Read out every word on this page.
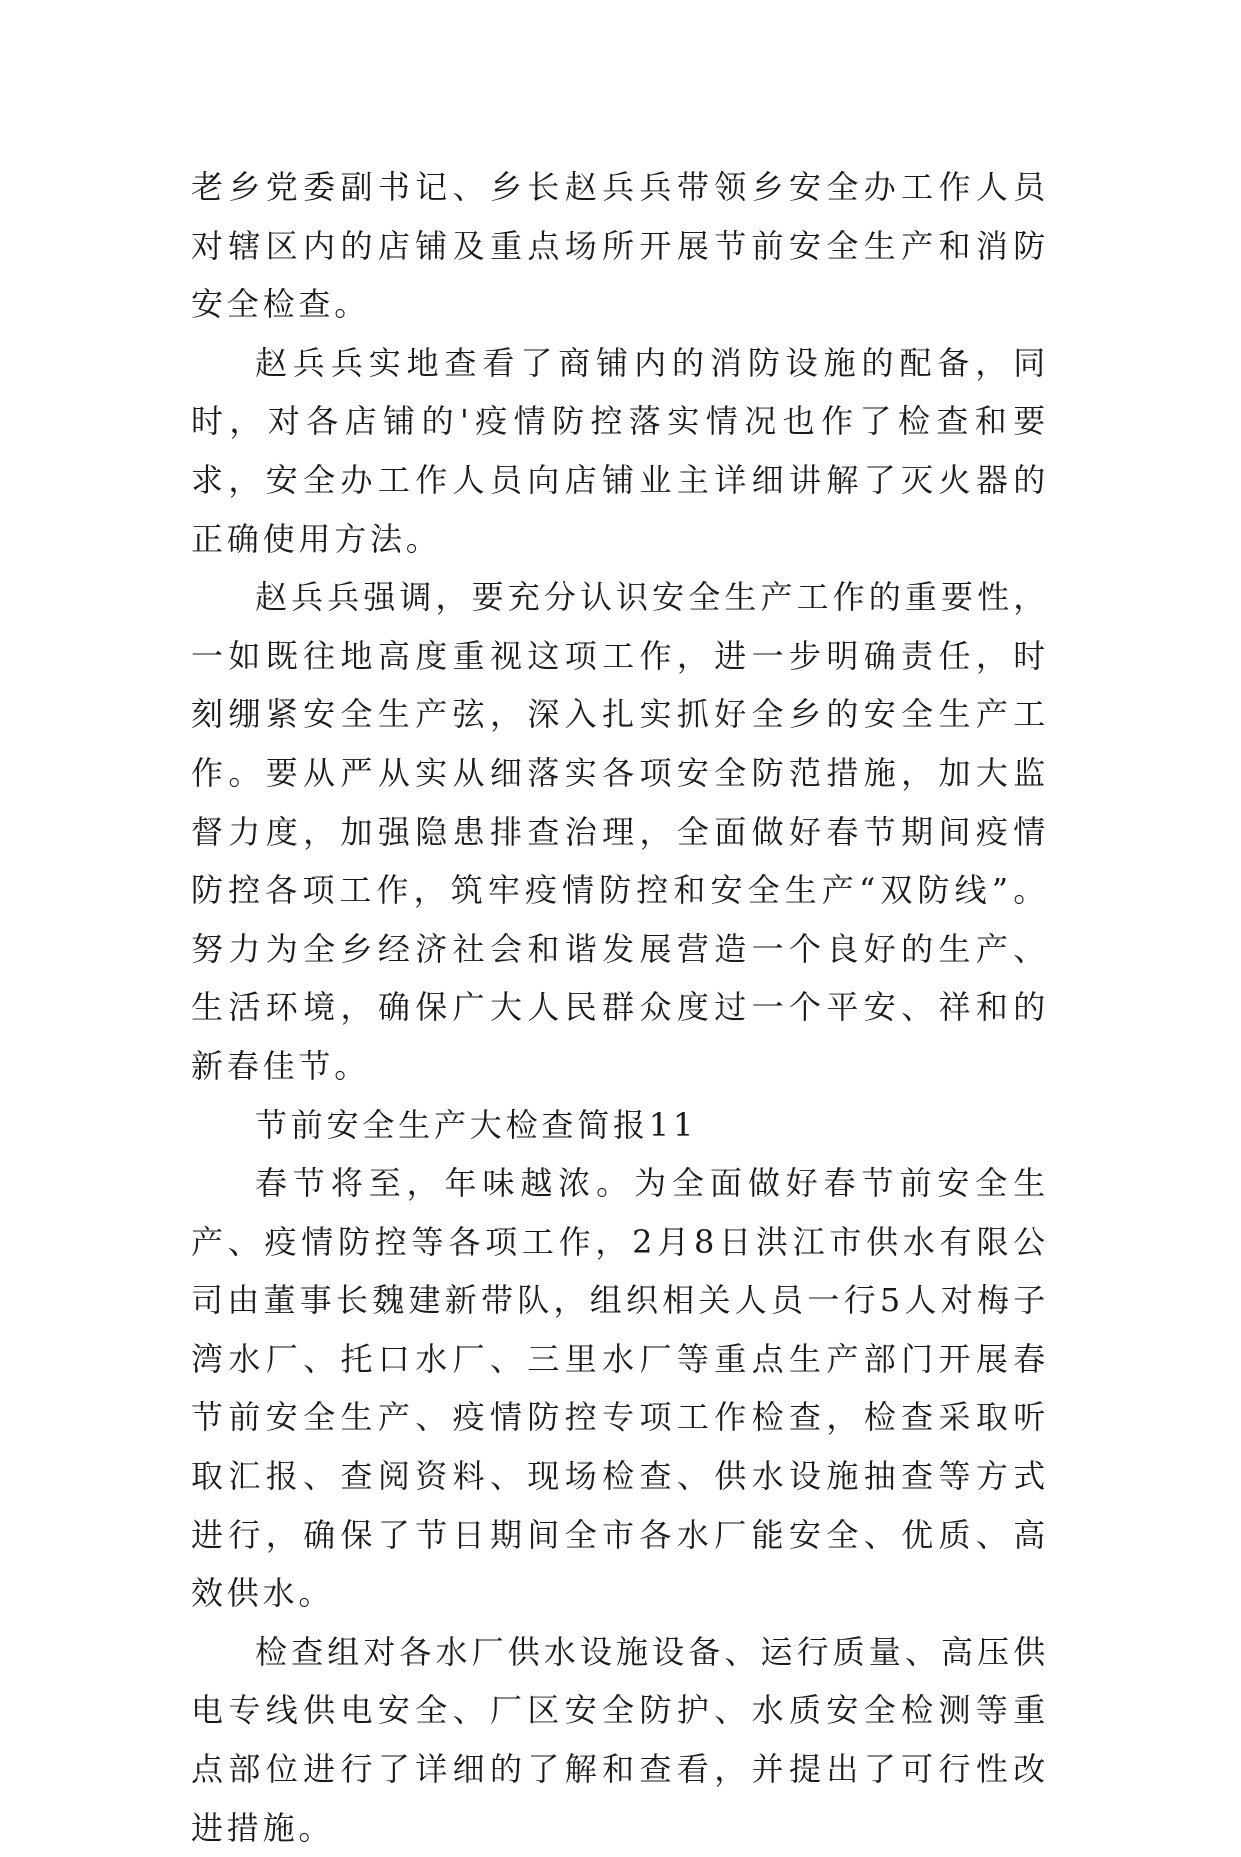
老乡党委副书记、乡长赵兵兵带领乡安全办工作人员对辖区内的店铺及重点场所开展节前安全生产和消防安全检查。

赵兵兵实地查看了商铺内的消防设施的配备，同时，对各店铺的'疫情防控落实情况也作了检查和要求，安全办工作人员向店铺业主详细讲解了灭火器的正确使用方法。

赵兵兵强调，要充分认识安全生产工作的重要性，一如既往地高度重视这项工作，进一步明确责任，时刻绷紧安全生产弦，深入扎实抓好全乡的安全生产工作。要从严从实从细落实各项安全防范措施，加大监督力度，加强隐患排查治理，全面做好春节期间疫情防控各项工作，筑牢疫情防控和安全生产“双防线”。努力为全乡经济社会和谐发展营造一个良好的生产、生活环境，确保广大人民群众度过一个平安、祥和的新春佳节。

节前安全生产大检查简报11

春节将至，年味越浓。为全面做好春节前安全生产、疫情防控等各项工作，2月8日洪江市供水有限公司由董事长魏建新带队，组织相关人员一行5人对梅子湾水厂、托口水厂、三里水厂等重点生产部门开展春节前安全生产、疫情防控专项工作检查，检查采取听取汇报、查阅资料、现场检查、供水设施抽查等方式进行，确保了节日期间全市各水厂能安全、优质、高效供水。

检查组对各水厂供水设施设备、运行质量、高压供电专线供电安全、厂区安全防护、水质安全检测等重点部位进行了详细的了解和查看，并提出了可行性改进措施。
